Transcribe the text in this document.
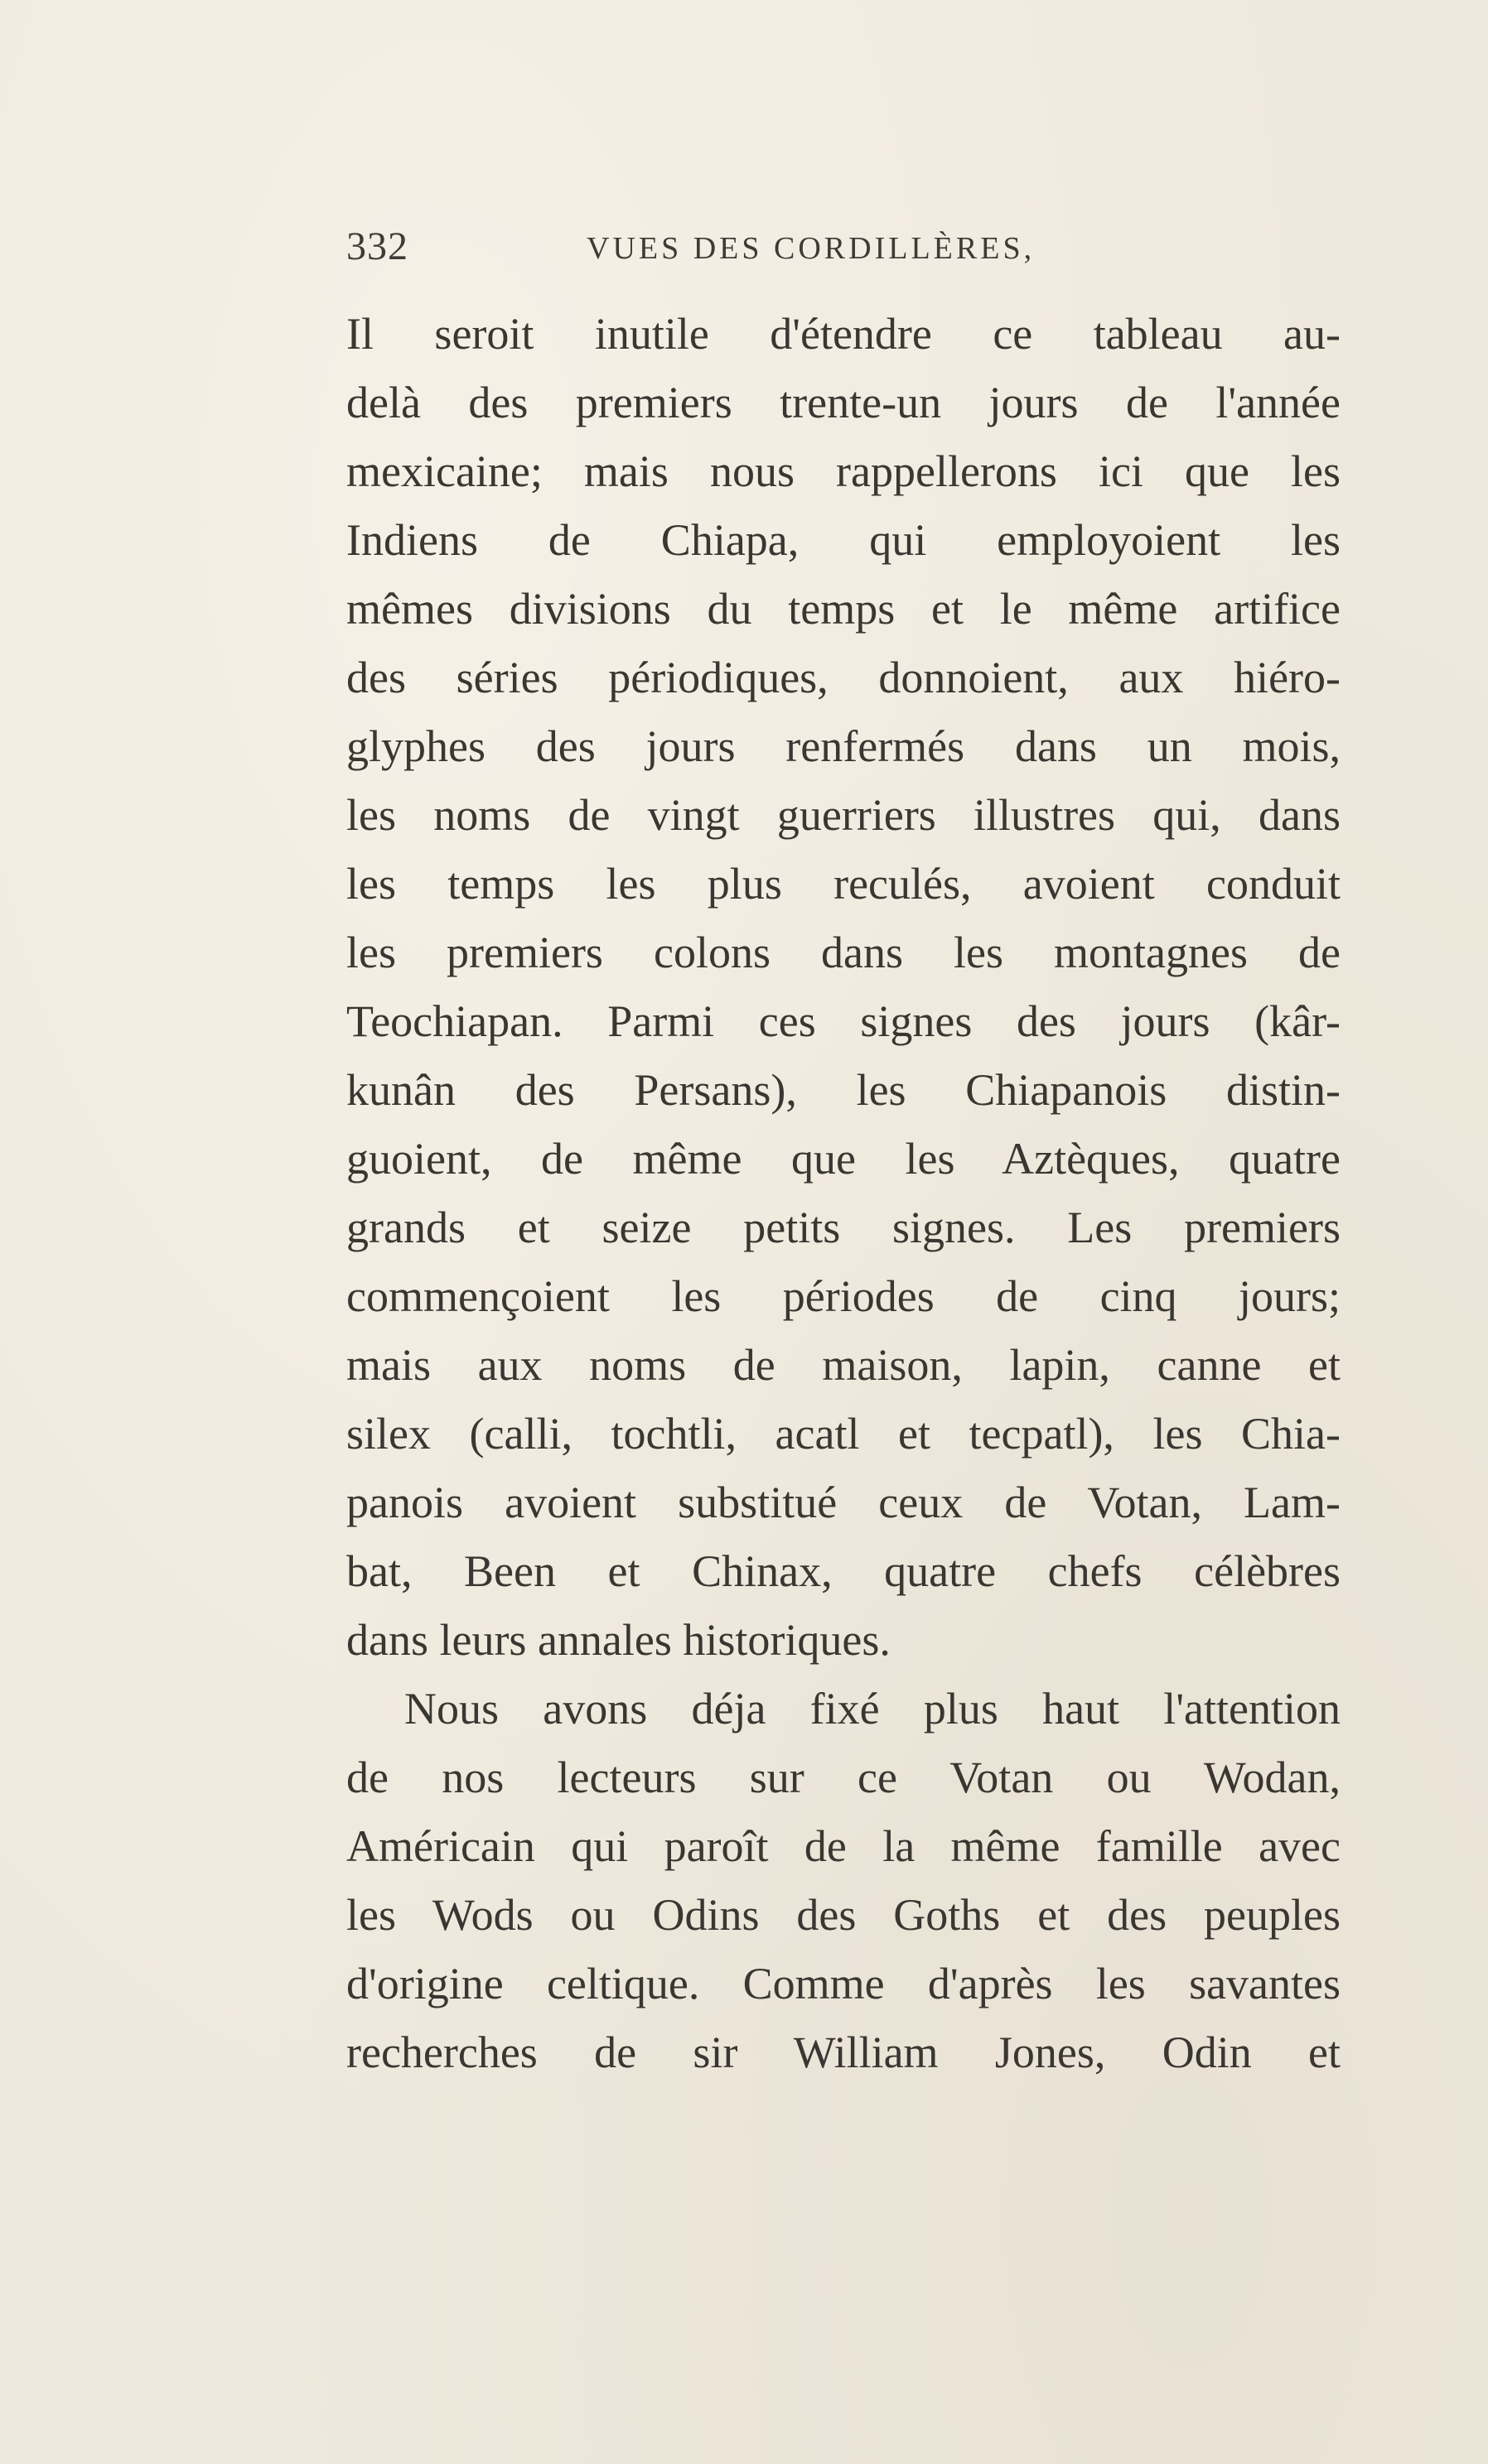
332	VUES DES CORDILLÈRES,
Il seroit inutile d'étendre ce tableau au-
delà des premiers trente-un jours de l'année
mexicaine; mais nous rappellerons ici que les
Indiens de Chiapa, qui employoient les
mêmes divisions du temps et le même artifice
des séries périodiques, donnoient, aux hiéro-
glyphes des jours renfermés dans un mois,
les noms de vingt guerriers illustres qui, dans
les temps les plus reculés, avoient conduit
les premiers colons dans les montagnes de
Teochiapan. Parmi ces signes des jours (kâr-
kunân des Persans), les Chiapanois distin-
guoient, de même que les Aztèques, quatre
grands et seize petits signes. Les premiers
commençoient les périodes de cinq jours;
mais aux noms de maison, lapin, canne et
silex (calli, tochtli, acatl et tecpatl), les Chia-
panois avoient substitué ceux de Votan, Lam-
bat, Been et Chinax, quatre chefs célèbres
dans leurs annales historiques.
Nous avons déja fixé plus haut l'attention
de nos lecteurs sur ce Votan ou Wodan,
Américain qui paroît de la même famille avec
les Wods ou Odins des Goths et des peuples
d'origine celtique. Comme d'après les savantes
recherches de sir William Jones, Odin et
